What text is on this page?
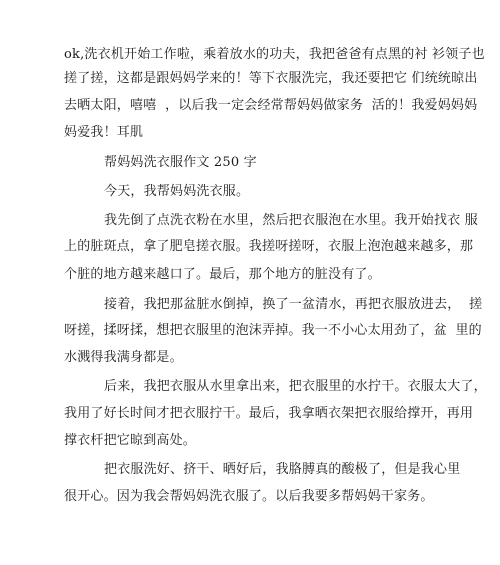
ok,洗衣机开始工作啦，乘着放水的功夫，我把爸爸有点黑的衬 衫领子也

搓了搓，这都是跟妈妈学来的！等下衣服洗完，我还要把它 们统统晾出

去晒太阳，嘻嘻  ，以后我一定会经常帮妈妈做家务  活的！我爱妈妈妈

妈爱我！耳肌

帮妈妈洗衣服作文 250 字

今天，我帮妈妈洗衣服。

我先倒了点洗衣粉在水里，然后把衣服泡在水里。我开始找衣 服

上的脏斑点，拿了肥皂搓衣服。我搓呀搓呀，衣服上泡泡越来越多，那

个脏的地方越来越口了。最后，那个地方的脏没有了。

接着，我把那盆脏水倒掉，换了一盆清水，再把衣服放进去，  搓

呀搓，揉呀揉，想把衣服里的泡沫弄掉。我一不小心太用劲了，盆  里的

水溅得我满身都是。

后来，我把衣服从水里拿出来，把衣服里的水拧干。衣服太大了，

我用了好长时间才把衣服拧干。最后，我拿晒衣架把衣服给撑开，再用

撑衣杆把它晾到高处。

把衣服洗好、挤干、晒好后，我胳膊真的酸极了，但是我心里

很开心。因为我会帮妈妈洗衣服了。以后我要多帮妈妈干家务。
